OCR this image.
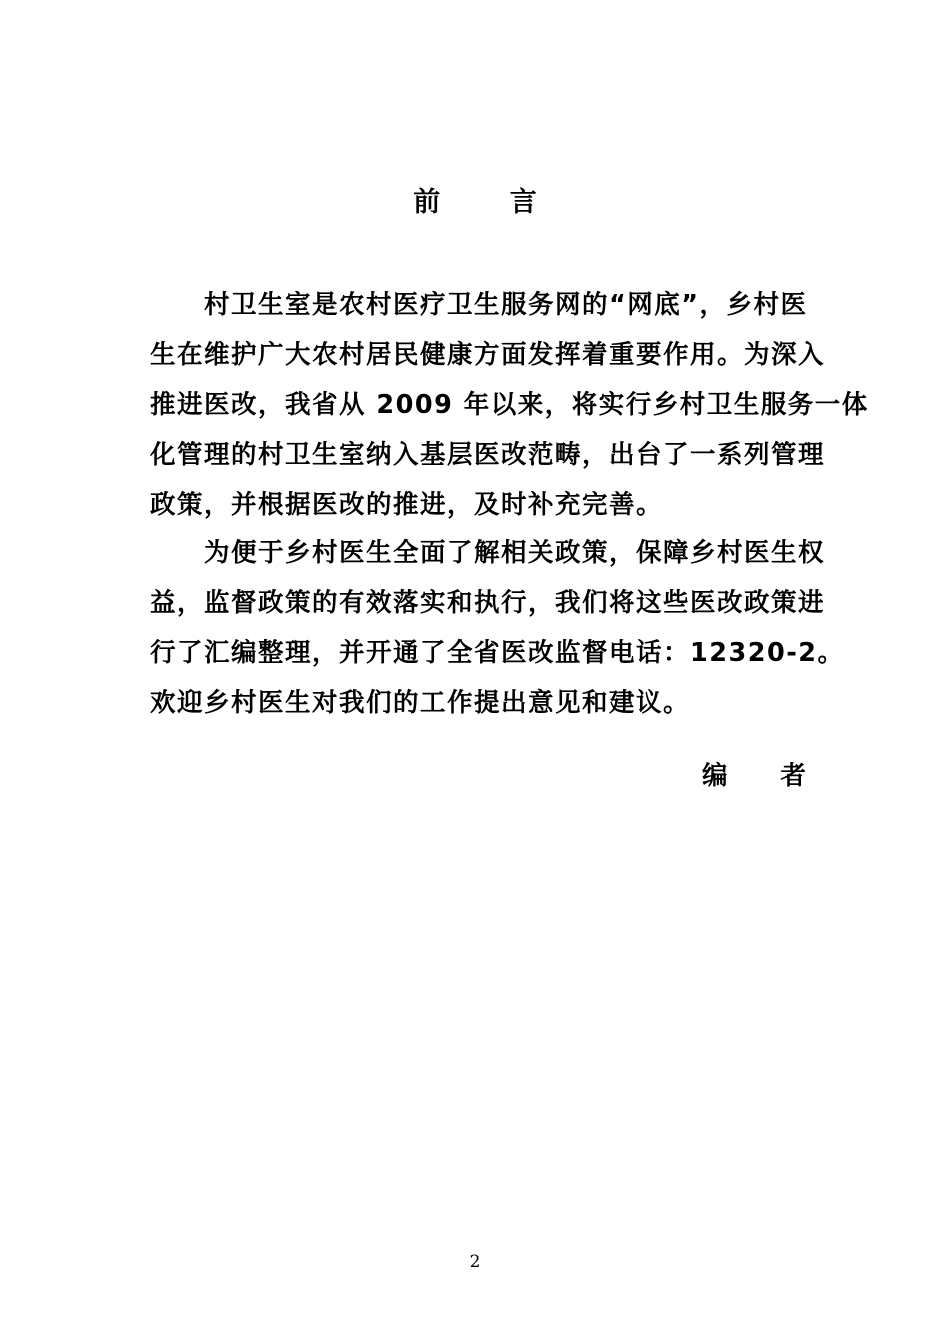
前 言
　　村卫生室是农村医疗卫生服务网的“网底”，乡村医
生在维护广大农村居民健康方面发挥着重要作用。为深入
推进医改，我省从 2009 年以来，将实行乡村卫生服务一体
化管理的村卫生室纳入基层医改范畴，出台了一系列管理
政策，并根据医改的推进，及时补充完善。
　　为便于乡村医生全面了解相关政策，保障乡村医生权
益，监督政策的有效落实和执行，我们将这些医改政策进
行了汇编整理，并开通了全省医改监督电话：12320-2。
欢迎乡村医生对我们的工作提出意见和建议。
编 者
2
